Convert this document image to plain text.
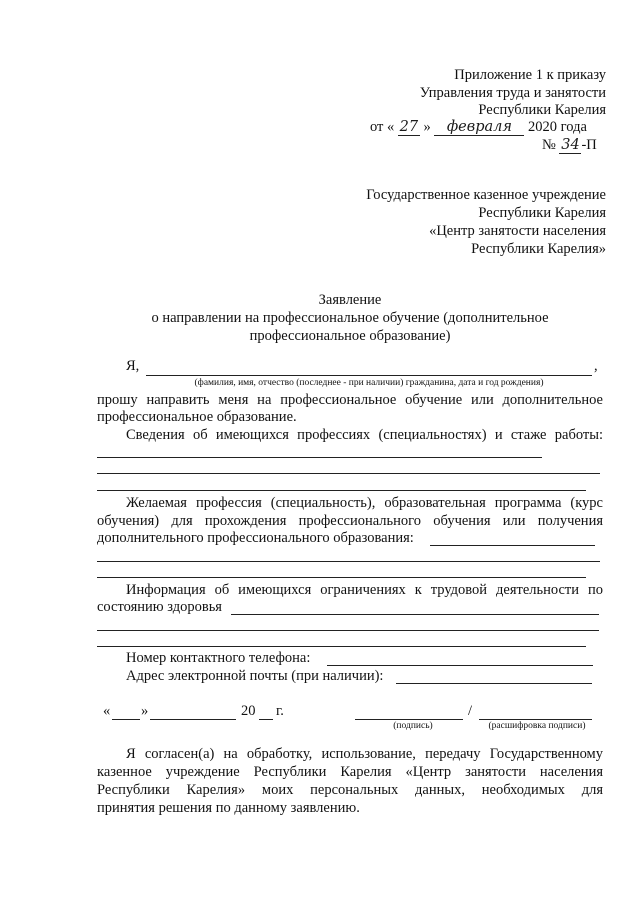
Приложение 1 к приказу
Управления труда и занятости
Республики Карелия
от « 27 » февраля 2020 года
№ 34 -П
Государственное казенное учреждение
Республики Карелия
«Центр занятости населения
Республики Карелия»
Заявление
о направлении на профессиональное обучение (дополнительное
профессиональное образование)
Я,	,
(фамилия, имя, отчество (последнее - при наличии) гражданина, дата и год рождения)
прошу направить меня на профессиональное обучение или дополнительное
профессиональное образование.
Сведения об имеющихся профессиях (специальностях) и стаже работы:
Желаемая профессия (специальность), образовательная программа (курс
обучения) для прохождения профессионального обучения или получения
дополнительного профессионального образования:
Информация об имеющихся ограничениях к трудовой деятельности по
состоянию здоровья
Номер контактного телефона:
Адрес электронной почты (при наличии):
« »	20 г.	/
(подпись)	(расшифровка подписи)
Я согласен(а) на обработку, использование, передачу Государственному
казенное учреждение Республики Карелия «Центр занятости населения
Республики Карелия» моих персональных данных, необходимых для
принятия решения по данному заявлению.
